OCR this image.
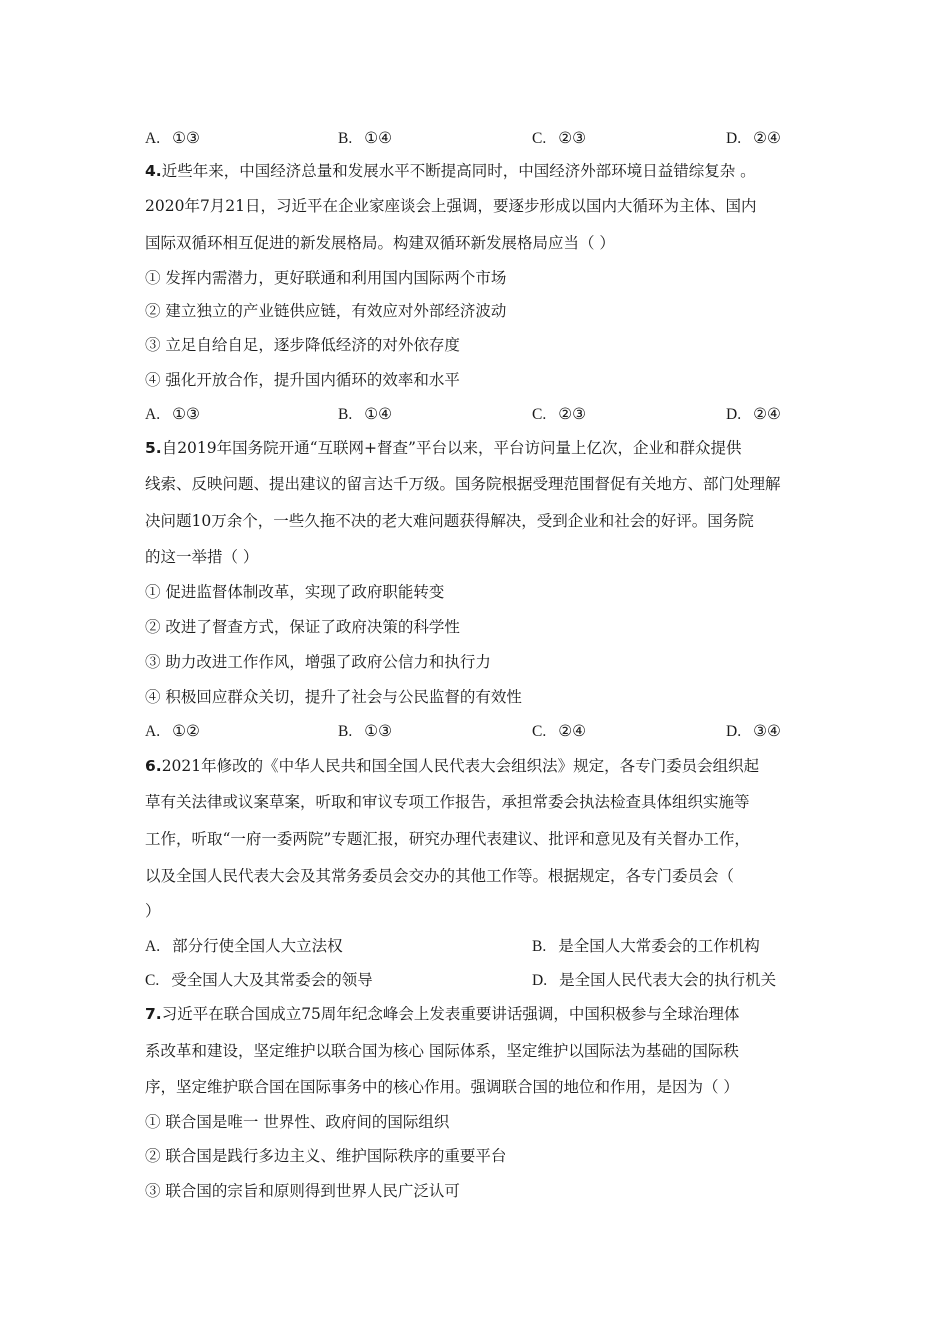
A. ①③	B. ①④	C. ②③	D. ②④
4.近些年来，中国经济总量和发展水平不断提高同时，中国经济外部环境日益错综复杂 。
2020年7月21日，习近平在企业家座谈会上强调，要逐步形成以国内大循环为主体、国内
国际双循环相互促进的新发展格局。构建双循环新发展格局应当（ ）
① 发挥内需潜力，更好联通和利用国内国际两个市场
② 建立独立的产业链供应链，有效应对外部经济波动
③ 立足自给自足，逐步降低经济的对外依存度
④ 强化开放合作，提升国内循环的效率和水平
A. ①③	B. ①④	C. ②③	D. ②④
5.自2019年国务院开通“互联网+督查”平台以来，平台访问量上亿次，企业和群众提供
线索、反映问题、提出建议的留言达千万级。国务院根据受理范围督促有关地方、部门处理解
决问题10万余个，一些久拖不决的老大难问题获得解决，受到企业和社会的好评。国务院
的这一举措（ ）
① 促进监督体制改革，实现了政府职能转变
② 改进了督查方式，保证了政府决策的科学性
③ 助力改进工作作风，增强了政府公信力和执行力
④ 积极回应群众关切，提升了社会与公民监督的有效性
A. ①②	B. ①③	C. ②④	D. ③④
6.2021年修改的《中华人民共和国全国人民代表大会组织法》规定，各专门委员会组织起
草有关法律或议案草案，听取和审议专项工作报告，承担常委会执法检查具体组织实施等
工作，听取“一府一委两院”专题汇报，研究办理代表建议、批评和意见及有关督办工作，
以及全国人民代表大会及其常务委员会交办的其他工作等。根据规定，各专门委员会（
）
A. 部分行使全国人大立法权	B. 是全国人大常委会的工作机构
C. 受全国人大及其常委会的领导	D. 是全国人民代表大会的执行机关
7.习近平在联合国成立75周年纪念峰会上发表重要讲话强调，中国积极参与全球治理体
系改革和建设，坚定维护以联合国为核心 国际体系，坚定维护以国际法为基础的国际秩
序，坚定维护联合国在国际事务中的核心作用。强调联合国的地位和作用，是因为（ ）
① 联合国是唯一 世界性、政府间的国际组织
② 联合国是践行多边主义、维护国际秩序的重要平台
③ 联合国的宗旨和原则得到世界人民广泛认可
